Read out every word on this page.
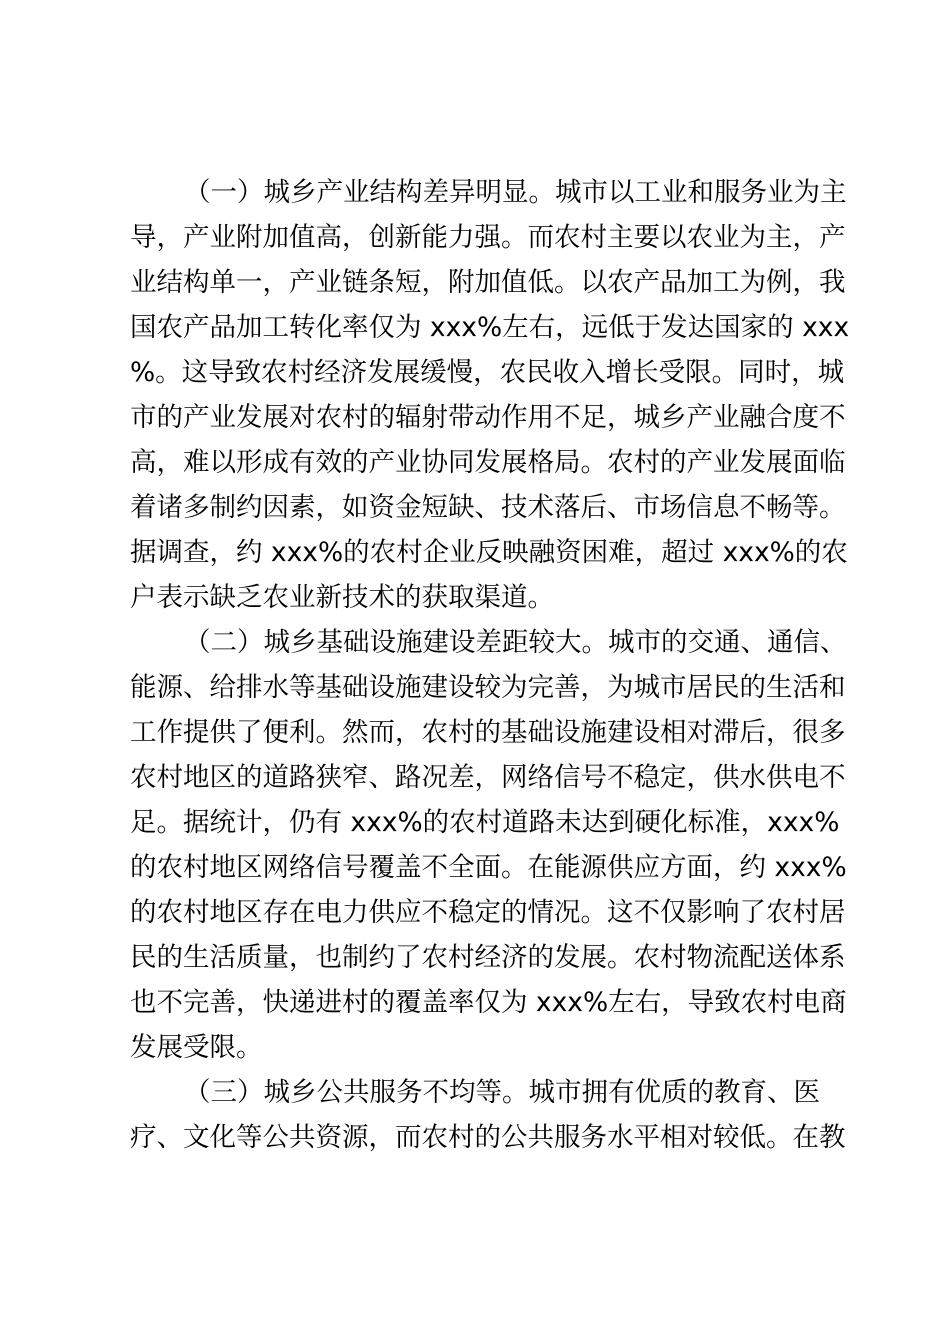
（一）城乡产业结构差异明显。城市以工业和服务业为主
导，产业附加值高，创新能力强。而农村主要以农业为主，产
业结构单一，产业链条短，附加值低。以农产品加工为例，我
国农产品加工转化率仅为 xxx%左右，远低于发达国家的 xxx
%。这导致农村经济发展缓慢，农民收入增长受限。同时，城
市的产业发展对农村的辐射带动作用不足，城乡产业融合度不
高，难以形成有效的产业协同发展格局。农村的产业发展面临
着诸多制约因素，如资金短缺、技术落后、市场信息不畅等。
据调查，约 xxx%的农村企业反映融资困难，超过 xxx%的农
户表示缺乏农业新技术的获取渠道。
（二）城乡基础设施建设差距较大。城市的交通、通信、
能源、给排水等基础设施建设较为完善，为城市居民的生活和
工作提供了便利。然而，农村的基础设施建设相对滞后，很多
农村地区的道路狭窄、路况差，网络信号不稳定，供水供电不
足。据统计，仍有 xxx%的农村道路未达到硬化标准，xxx%
的农村地区网络信号覆盖不全面。在能源供应方面，约 xxx%
的农村地区存在电力供应不稳定的情况。这不仅影响了农村居
民的生活质量，也制约了农村经济的发展。农村物流配送体系
也不完善，快递进村的覆盖率仅为 xxx%左右，导致农村电商
发展受限。
（三）城乡公共服务不均等。城市拥有优质的教育、医
疗、文化等公共资源，而农村的公共服务水平相对较低。在教
